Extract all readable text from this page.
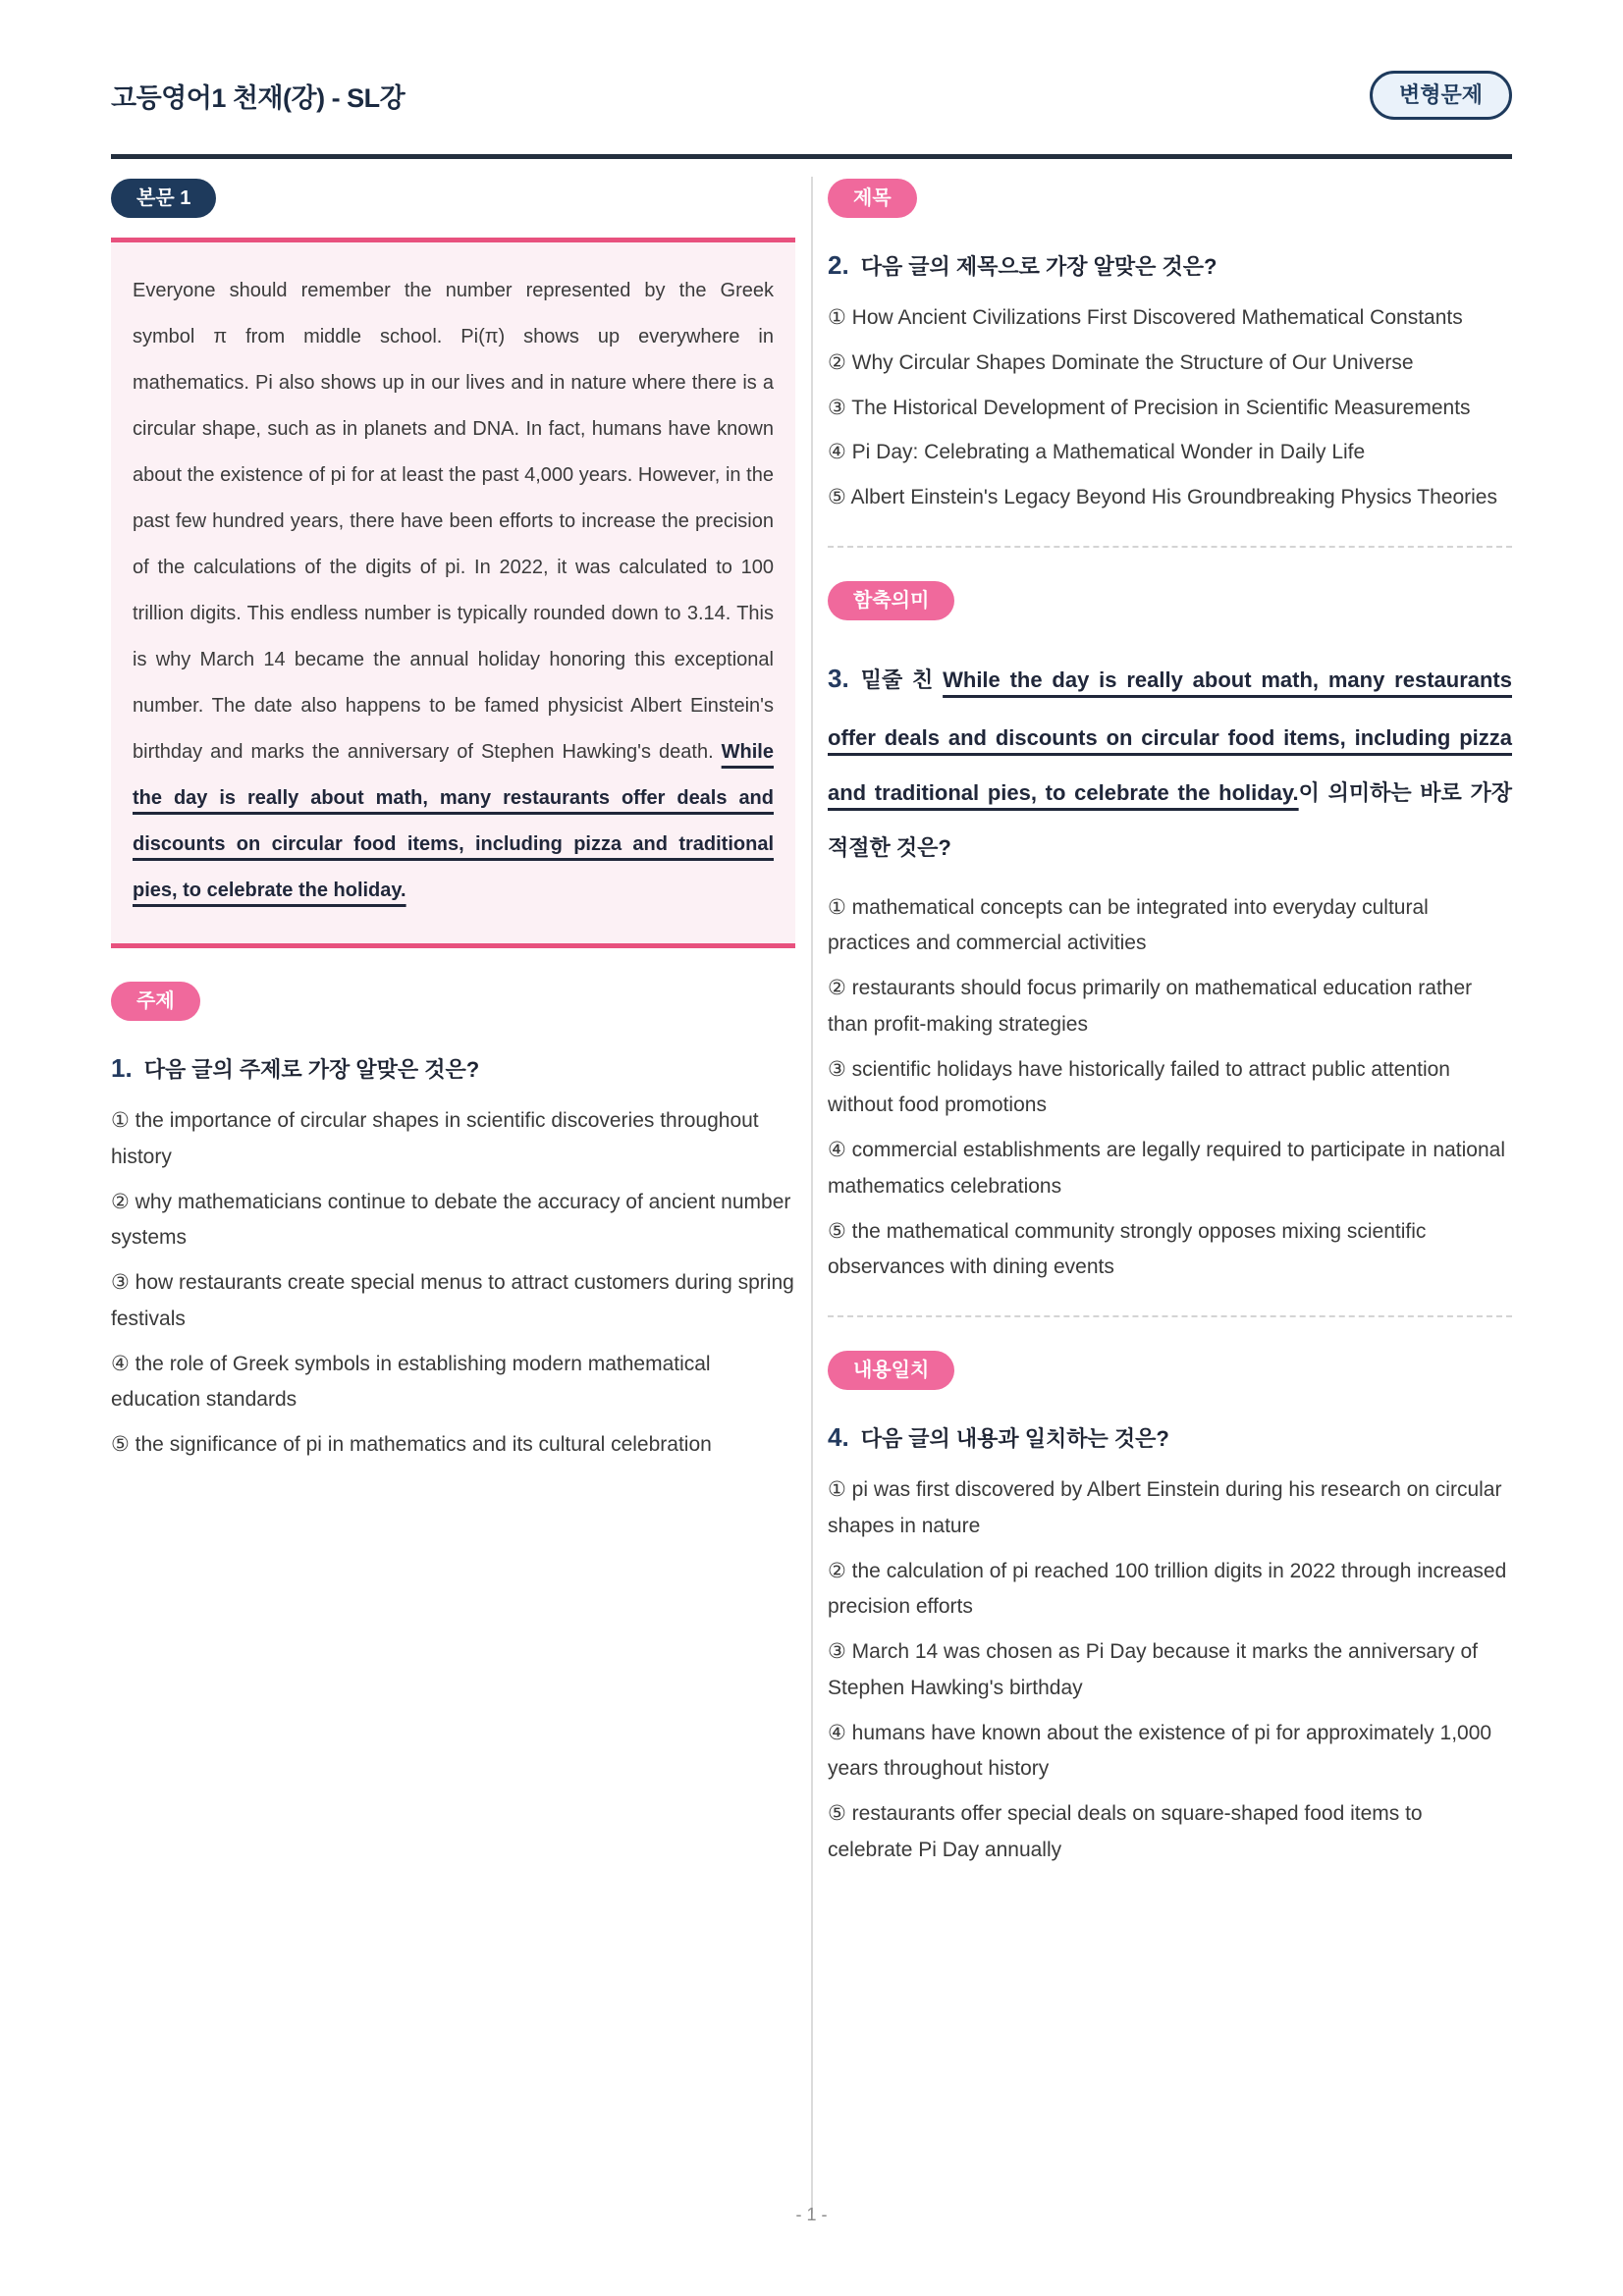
고등영어1 천재(강) - SL강	변형문제
본문 1
Everyone should remember the number represented by the Greek symbol π from middle school. Pi(π) shows up everywhere in mathematics. Pi also shows up in our lives and in nature where there is a circular shape, such as in planets and DNA. In fact, humans have known about the existence of pi for at least the past 4,000 years. However, in the past few hundred years, there have been efforts to increase the precision of the calculations of the digits of pi. In 2022, it was calculated to 100 trillion digits. This endless number is typically rounded down to 3.14. This is why March 14 became the annual holiday honoring this exceptional number. The date also happens to be famed physicist Albert Einstein's birthday and marks the anniversary of Stephen Hawking's death. While the day is really about math, many restaurants offer deals and discounts on circular food items, including pizza and traditional pies, to celebrate the holiday.
주제
1. 다음 글의 주제로 가장 알맞은 것은?
① the importance of circular shapes in scientific discoveries throughout history
② why mathematicians continue to debate the accuracy of ancient number systems
③ how restaurants create special menus to attract customers during spring festivals
④ the role of Greek symbols in establishing modern mathematical education standards
⑤ the significance of pi in mathematics and its cultural celebration
제목
2. 다음 글의 제목으로 가장 알맞은 것은?
① How Ancient Civilizations First Discovered Mathematical Constants
② Why Circular Shapes Dominate the Structure of Our Universe
③ The Historical Development of Precision in Scientific Measurements
④ Pi Day: Celebrating a Mathematical Wonder in Daily Life
⑤ Albert Einstein's Legacy Beyond His Groundbreaking Physics Theories
함축의미
3. 밑줄 친 While the day is really about math, many restaurants offer deals and discounts on circular food items, including pizza and traditional pies, to celebrate the holiday.이 의미하는 바로 가장 적절한 것은?
① mathematical concepts can be integrated into everyday cultural practices and commercial activities
② restaurants should focus primarily on mathematical education rather than profit-making strategies
③ scientific holidays have historically failed to attract public attention without food promotions
④ commercial establishments are legally required to participate in national mathematics celebrations
⑤ the mathematical community strongly opposes mixing scientific observances with dining events
내용일치
4. 다음 글의 내용과 일치하는 것은?
① pi was first discovered by Albert Einstein during his research on circular shapes in nature
② the calculation of pi reached 100 trillion digits in 2022 through increased precision efforts
③ March 14 was chosen as Pi Day because it marks the anniversary of Stephen Hawking's birthday
④ humans have known about the existence of pi for approximately 1,000 years throughout history
⑤ restaurants offer special deals on square-shaped food items to celebrate Pi Day annually
- 1 -
